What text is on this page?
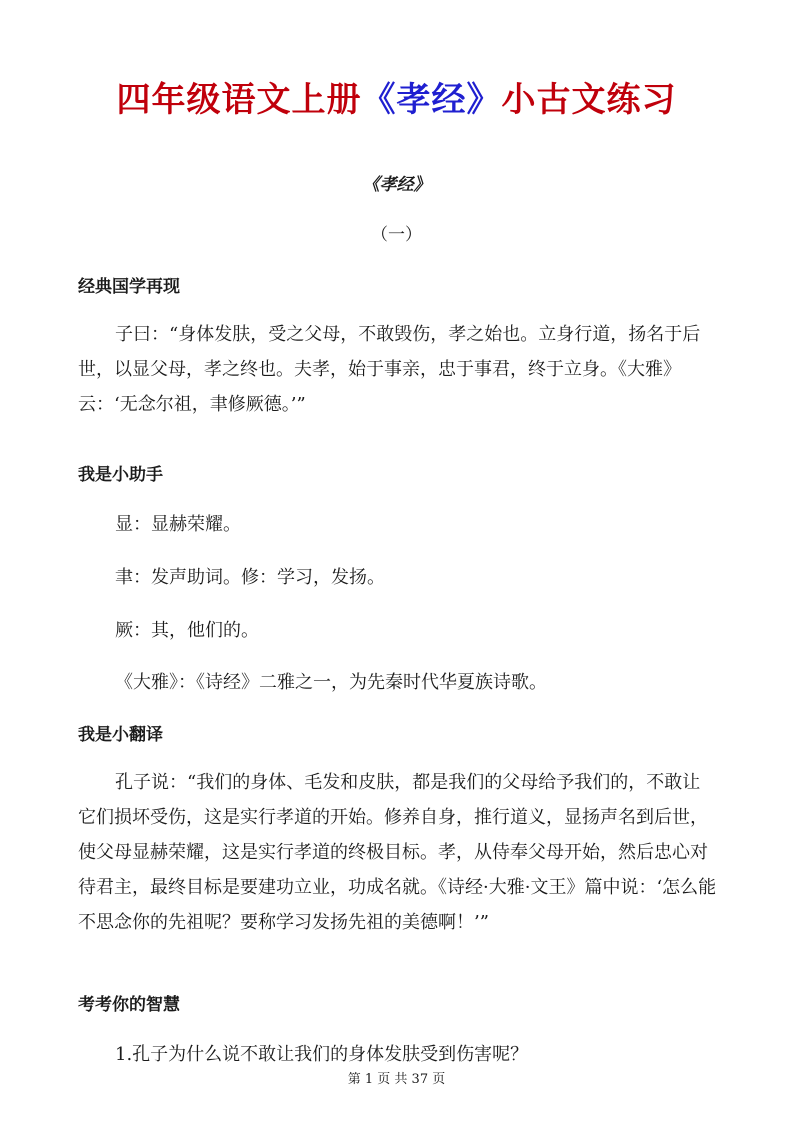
四年级语文上册《孝经》小古文练习
《孝经》
（一）
经典国学再现
子曰：“身体发肤，受之父母，不敢毁伤，孝之始也。立身行道，扬名于后世，以显父母，孝之终也。夫孝，始于事亲，忠于事君，终于立身。《大雅》云：‘无念尔祖，聿修厥德。’”
我是小助手
显：显赫荣耀。
聿：发声助词。修：学习，发扬。
厥：其，他们的。
《大雅》：《诗经》二雅之一，为先秦时代华夏族诗歌。
我是小翻译
孔子说：“我们的身体、毛发和皮肤，都是我们的父母给予我们的，不敢让它们损坏受伤，这是实行孝道的开始。修养自身，推行道义，显扬声名到后世，使父母显赫荣耀，这是实行孝道的终极目标。孝，从侍奉父母开始，然后忠心对待君主，最终目标是要建功立业，功成名就。《诗经·大雅·文王》篇中说：‘怎么能不思念你的先祖呢？要称学习发扬先祖的美德啊！’”
考考你的智慧
1.孔子为什么说不敢让我们的身体发肤受到伤害呢？
第 1 页 共 37 页
